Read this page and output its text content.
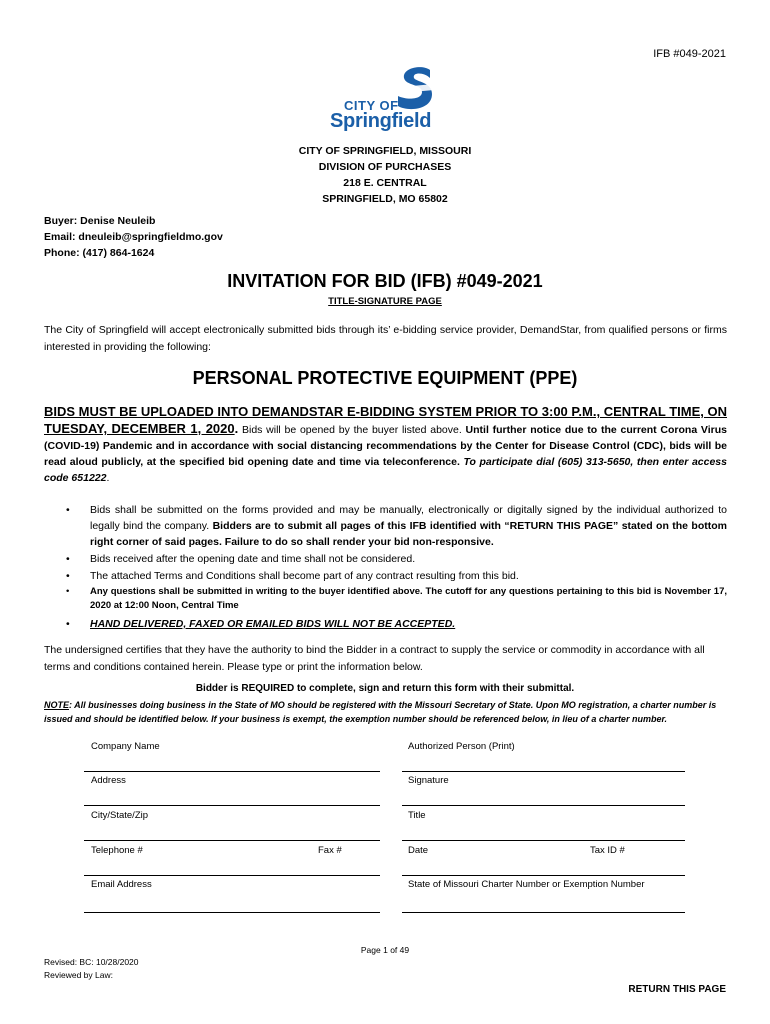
IFB #049-2021
CITY OF
Springfield
CITY OF SPRINGFIELD, MISSOURI
DIVISION OF PURCHASES
218 E. CENTRAL
SPRINGFIELD, MO 65802
Buyer: Denise Neuleib
Email: dneuleib@springfieldmo.gov
Phone: (417) 864-1624
INVITATION FOR BID (IFB) #049-2021
TITLE-SIGNATURE PAGE
The City of Springfield will accept electronically submitted bids through its’ e-bidding service provider, DemandStar, from qualified persons or firms interested in providing the following:
PERSONAL PROTECTIVE EQUIPMENT (PPE)
BIDS MUST BE UPLOADED INTO DEMANDSTAR E-BIDDING SYSTEM PRIOR TO 3:00 P.M., CENTRAL TIME, ON TUESDAY, DECEMBER 1, 2020. Bids will be opened by the buyer listed above. Until further notice due to the current Corona Virus (COVID-19) Pandemic and in accordance with social distancing recommendations by the Center for Disease Control (CDC), bids will be read aloud publicly, at the specified bid opening date and time via teleconference. To participate dial (605) 313-5650, then enter access code 651222.
• Bids shall be submitted on the forms provided and may be manually, electronically or digitally signed by the individual authorized to legally bind the company. Bidders are to submit all pages of this IFB identified with “RETURN THIS PAGE” stated on the bottom right corner of said pages. Failure to do so shall render your bid non-responsive.
• Bids received after the opening date and time shall not be considered.
• The attached Terms and Conditions shall become part of any contract resulting from this bid.
• Any questions shall be submitted in writing to the buyer identified above. The cutoff for any questions pertaining to this bid is November 17, 2020 at 12:00 Noon, Central Time
• HAND DELIVERED, FAXED OR EMAILED BIDS WILL NOT BE ACCEPTED.
The undersigned certifies that they have the authority to bind the Bidder in a contract to supply the service or commodity in accordance with all terms and conditions contained herein. Please type or print the information below.
Bidder is REQUIRED to complete, sign and return this form with their submittal.
NOTE: All businesses doing business in the State of MO should be registered with the Missouri Secretary of State. Upon MO registration, a charter number is issued and should be identified below. If your business is exempt, the exemption number should be referenced below, in lieu of a charter number.
Company Name	Authorized Person (Print)
Address	Signature
City/State/Zip	Title
Telephone #	Fax #	Date	Tax ID #
Email Address	State of Missouri Charter Number or Exemption Number
Page 1 of 49
Revised: BC: 10/28/2020
Reviewed by Law:
RETURN THIS PAGE
